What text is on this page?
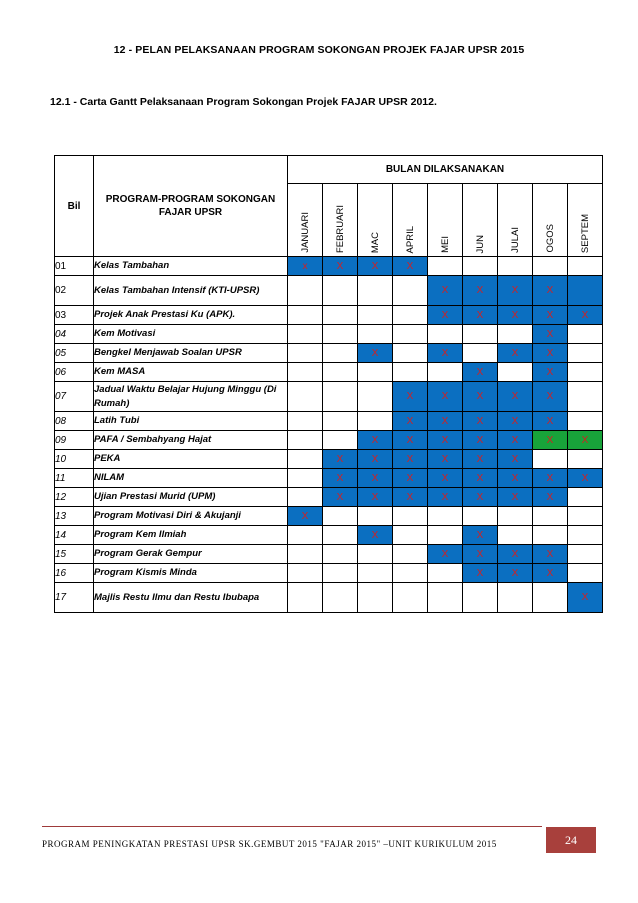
12 - PELAN PELAKSANAAN PROGRAM SOKONGAN PROJEK FAJAR UPSR 2015
12.1 - Carta Gantt Pelaksanaan Program Sokongan Projek FAJAR UPSR 2012.
Bil	PROGRAM-PROGRAM SOKONGAN FAJAR UPSR	BULAN DILAKSANAKAN								
		JANUARI	FEBRUARI	MAC	APRIL	MEI	JUN	JULAI	OGOS	SEPTEM
01	Kelas Tambahan	x	X	X	X					
02	Kelas Tambahan Intensif (KTI-UPSR)					X	X	X	X	
03	Projek Anak Prestasi Ku (APK).					X	X	X	X	X
04	Kem Motivasi								X	
05	Bengkel Menjawab Soalan UPSR			X		X		X	X	
06	Kem MASA						X		X	
07	Jadual Waktu Belajar Hujung Minggu (Di Rumah)				X	X	X	X	X	
08	Latih Tubi				X	X	X	X	X	
09	PAFA / Sembahyang Hajat			X	X	X	X	X	X	X
10	PEKA		X	X	X	X	X	X		
11	NILAM		X	X	X	X	X	X	X	X
12	Ujian Prestasi Murid (UPM)		X	X	X	X	X	X	X	
13	Program Motivasi Diri & Akujanji	X								
14	Program Kem Ilmiah			X			X			
15	Program Gerak Gempur					X	X	X	X	
16	Program Kismis Minda						X	X	X	
17	Majlis Restu Ilmu dan Restu Ibubapa									X
PROGRAM PENINGKATAN PRESTASI UPSR SK.GEMBUT 2015 "FAJAR 2015" –UNIT KURIKULUM 2015	24
